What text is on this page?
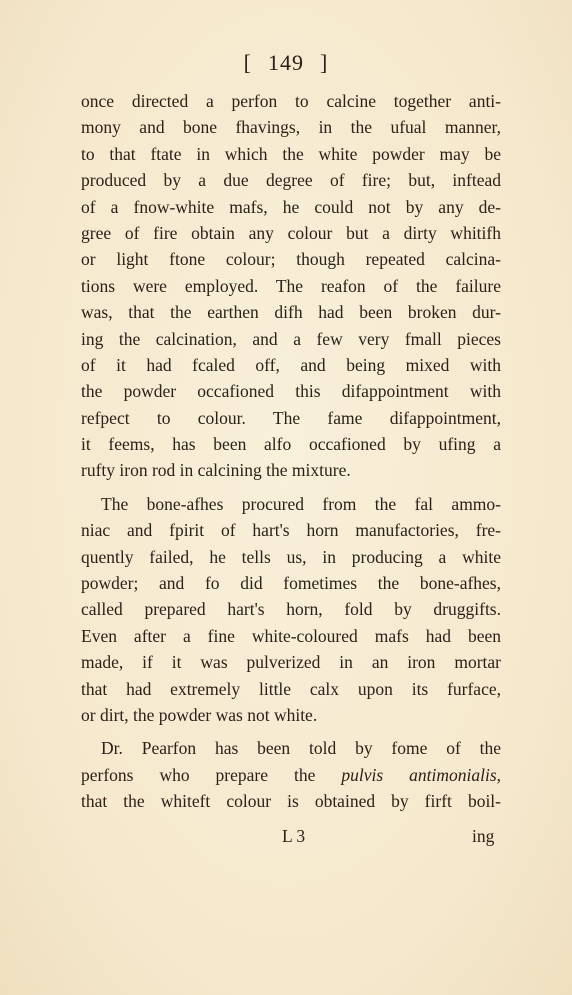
[ 149 ]
once directed a perfon to calcine together anti-
mony and bone fhavings, in the ufual manner,
to that ftate in which the white powder may be
produced by a due degree of fire; but, inftead
of a fnow-white mafs, he could not by any de-
gree of fire obtain any colour but a dirty whitifh
or light ftone colour; though repeated calcina-
tions were employed. The reafon of the failure
was, that the earthen difh had been broken dur-
ing the calcination, and a few very fmall pieces
of it had fcaled off, and being mixed with
the powder occafioned this difappointment with
refpect to colour. The fame difappointment,
it feems, has been alfo occafioned by ufing a
rufty iron rod in calcining the mixture.
The bone-afhes procured from the fal ammo-
niac and fpirit of hart's horn manufactories, fre-
quently failed, he tells us, in producing a white
powder; and fo did fometimes the bone-afhes,
called prepared hart's horn, fold by druggifts.
Even after a fine white-coloured mafs had been
made, if it was pulverized in an iron mortar
that had extremely little calx upon its furface,
or dirt, the powder was not white.
Dr. Pearfon has been told by fome of the
perfons who prepare the pulvis antimonialis,
that the whiteft colour is obtained by firft boil-
L 3	ing
